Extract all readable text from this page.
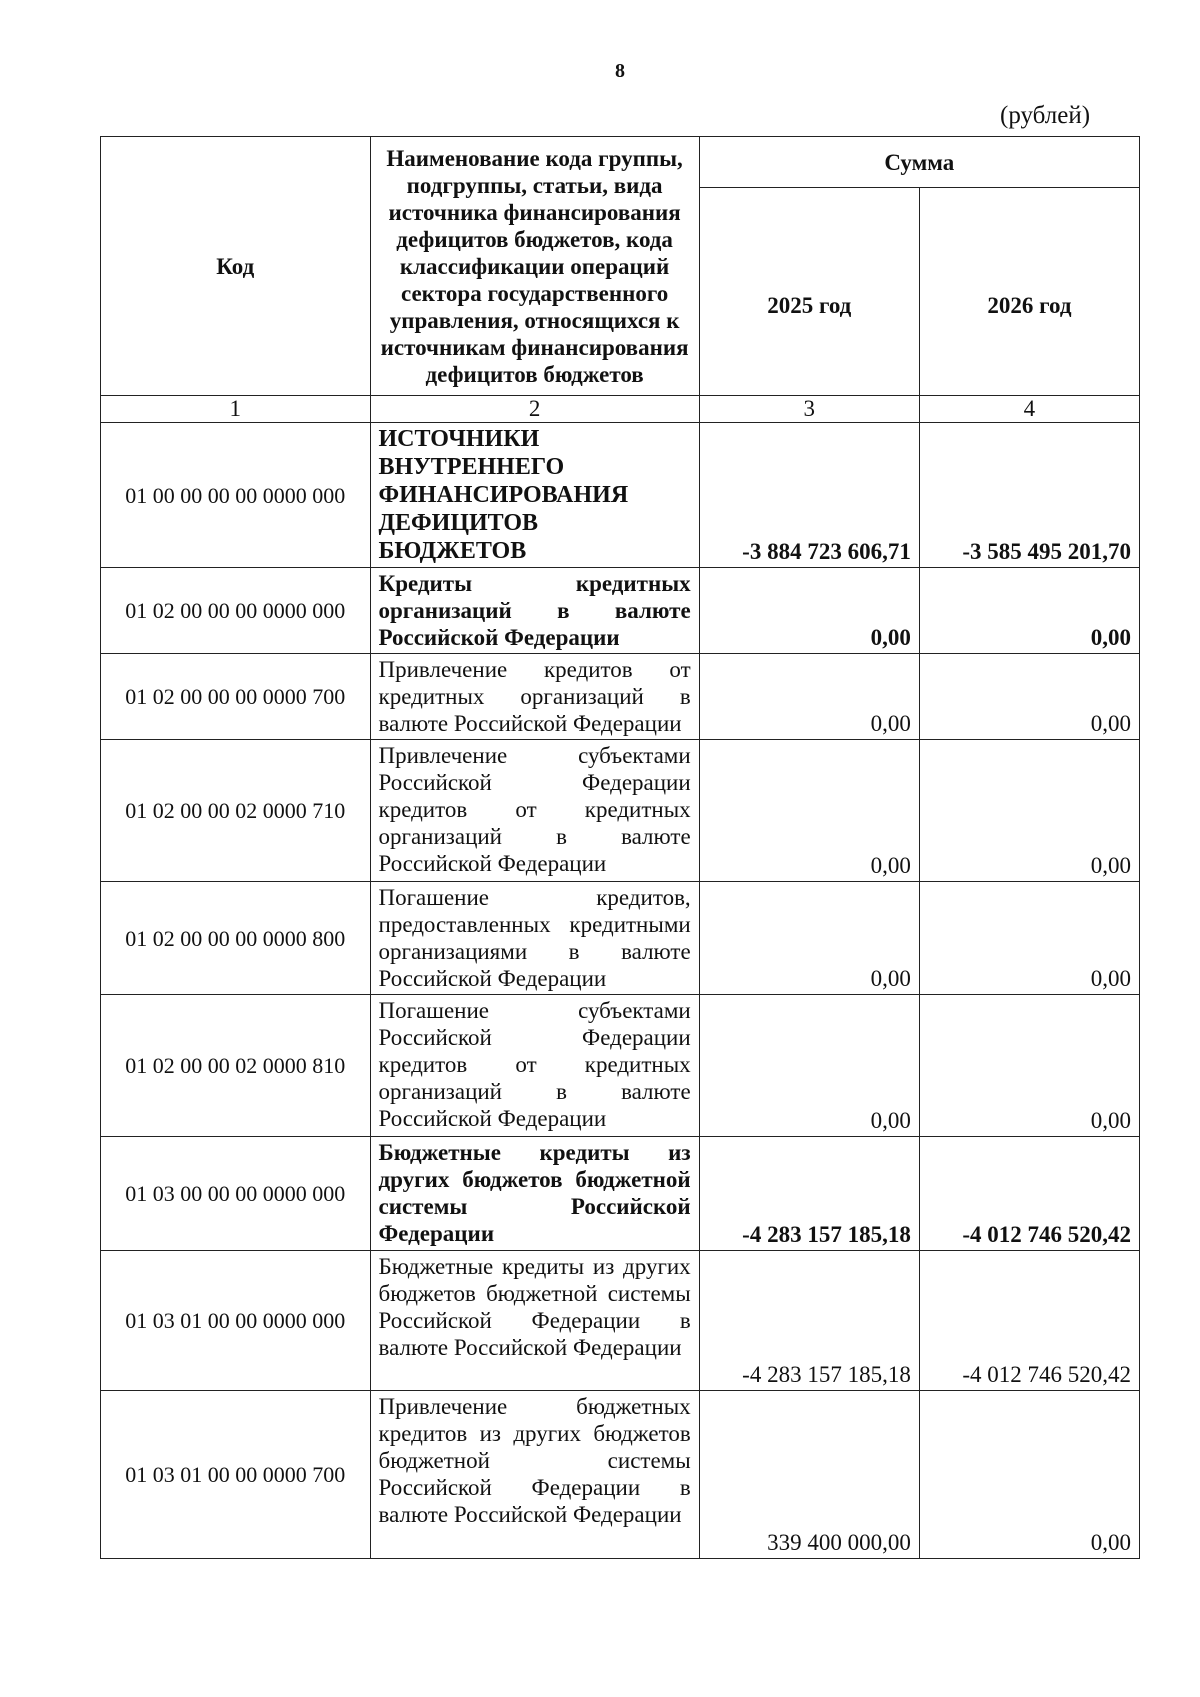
8
(рублей)
Код	Наименование кода группы, подгруппы, статьи, вида источника финансирования дефицитов бюджетов, кода классификации операций сектора государственного управления, относящихся к источникам финансирования дефицитов бюджетов	Сумма	
		2025 год	2026 год
1	2	3	4
01 00 00 00 00 0000 000	ИСТОЧНИКИ ВНУТРЕННЕГО ФИНАНСИРОВАНИЯ ДЕФИЦИТОВ БЮДЖЕТОВ	-3 884 723 606,71	-3 585 495 201,70
01 02 00 00 00 0000 000	Кредиты кредитных организаций в валюте Российской Федерации	0,00	0,00
01 02 00 00 00 0000 700	Привлечение кредитов от кредитных организаций в валюте Российской Федерации	0,00	0,00
01 02 00 00 02 0000 710	Привлечение субъектами Российской Федерации кредитов от кредитных организаций в валюте Российской Федерации	0,00	0,00
01 02 00 00 00 0000 800	Погашение кредитов, предоставленных кредитными организациями в валюте Российской Федерации	0,00	0,00
01 02 00 00 02 0000 810	Погашение субъектами Российской Федерации кредитов от кредитных организаций в валюте Российской Федерации	0,00	0,00
01 03 00 00 00 0000 000	Бюджетные кредиты из других бюджетов бюджетной системы Российской Федерации	-4 283 157 185,18	-4 012 746 520,42
01 03 01 00 00 0000 000	Бюджетные кредиты из других бюджетов бюджетной системы Российской Федерации в валюте Российской Федерации	-4 283 157 185,18	-4 012 746 520,42
01 03 01 00 00 0000 700	Привлечение бюджетных кредитов из других бюджетов бюджетной системы Российской Федерации в валюте Российской Федерации	339 400 000,00	0,00
